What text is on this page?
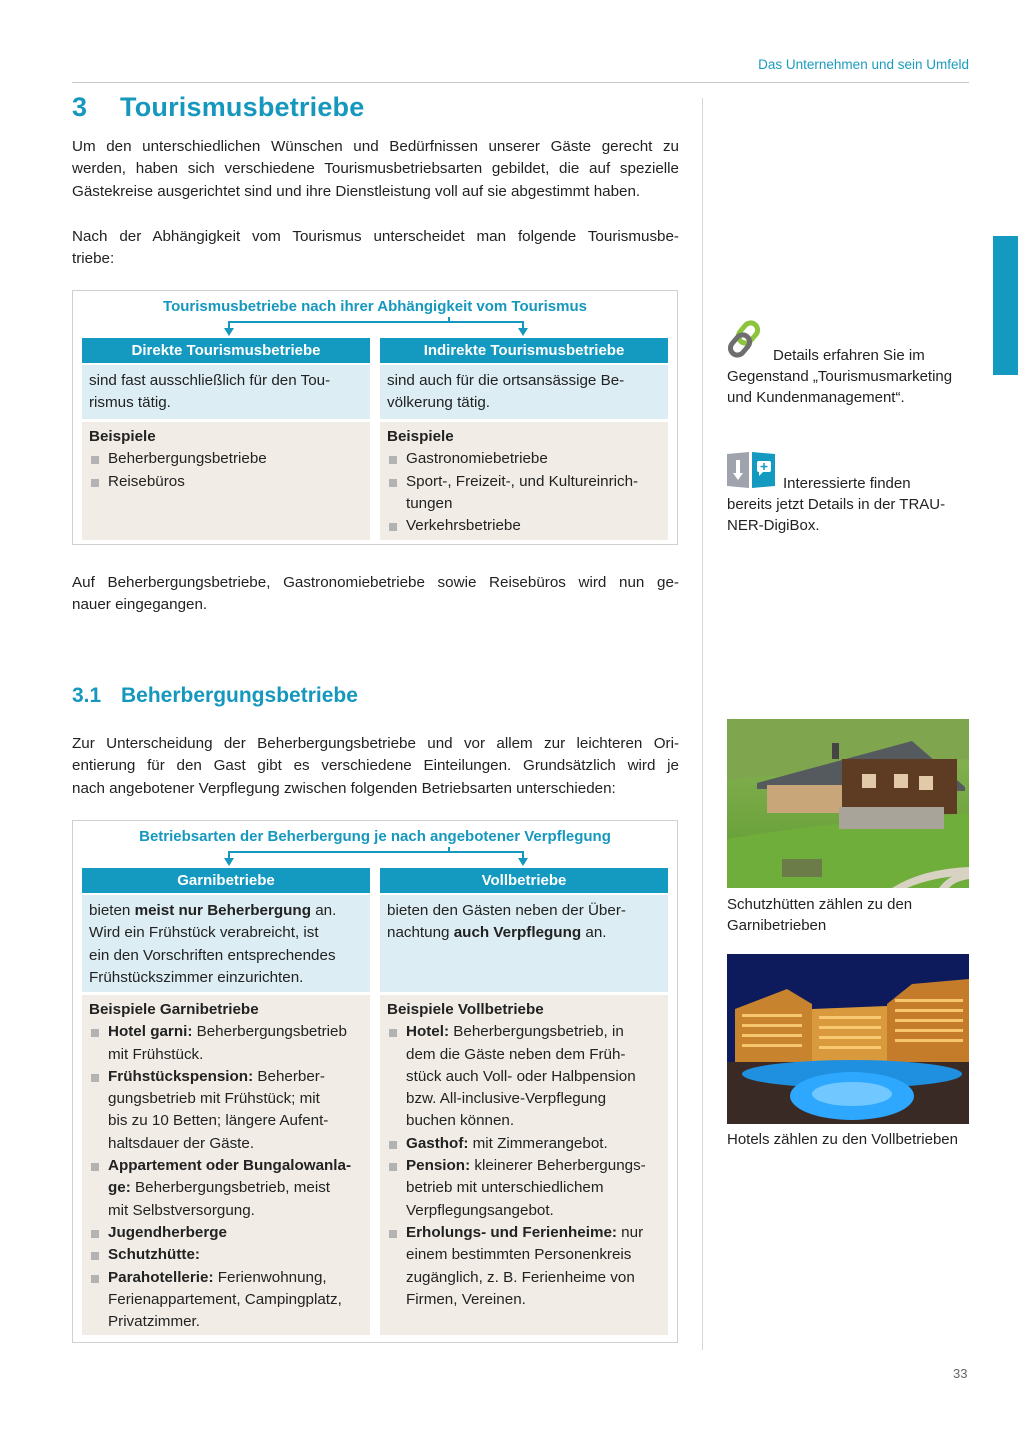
Das Unternehmen und sein Umfeld
3 Tourismusbetriebe
Um den unterschiedlichen Wünschen und Bedürfnissen unserer Gäste gerecht zu
werden, haben sich verschiedene Tourismusbetriebsarten gebildet, die auf spezielle
Gästekreise ausgerichtet sind und ihre Dienstleistung voll auf sie abgestimmt haben.
Nach der Abhängigkeit vom Tourismus unterscheidet man folgende Tourismusbe-
triebe:
Tourismusbetriebe nach ihrer Abhängigkeit vom Tourismus
Direkte Tourismusbetriebe
sind fast ausschließlich für den Tou-
rismus tätig.
Beispiele
Beherbergungsbetriebe
Reisebüros
Indirekte Tourismusbetriebe
sind auch für die ortsansässige Be-
völkerung tätig.
Beispiele
Gastronomiebetriebe
Sport-, Freizeit-, und Kultureinrich-
tungen
Verkehrsbetriebe
Auf Beherbergungsbetriebe, Gastronomiebetriebe sowie Reisebüros wird nun ge-
nauer eingegangen.
3.1 Beherbergungsbetriebe
Zur Unterscheidung der Beherbergungsbetriebe und vor allem zur leichteren Ori-
entierung für den Gast gibt es verschiedene Einteilungen. Grundsätzlich wird je
nach angebotener Verpflegung zwischen folgenden Betriebsarten unterschieden:
Betriebsarten der Beherbergung je nach angebotener Verpflegung
Garnibetriebe
bieten meist nur Beherbergung an.
Wird ein Frühstück verabreicht, ist
ein den Vorschriften entsprechendes
Frühstückszimmer einzurichten.
Beispiele Garnibetriebe
Hotel garni: Beherbergungsbetrieb
mit Frühstück.
Frühstückspension: Beherber-
gungsbetrieb mit Frühstück; mit
bis zu 10 Betten; längere Aufent-
haltsdauer der Gäste.
Appartement oder Bungalowanla-
ge: Beherbergungsbetrieb, meist
mit Selbstversorgung.
Jugendherberge
Schutzhütte:
Parahotellerie: Ferienwohnung,
Ferienappartement, Campingplatz,
Privatzimmer.
Vollbetriebe
bieten den Gästen neben der Über-
nachtung auch Verpflegung an.
Beispiele Vollbetriebe
Hotel: Beherbergungsbetrieb, in
dem die Gäste neben dem Früh-
stück auch Voll- oder Halbpension
bzw. All-inclusive-Verpflegung
buchen können.
Gasthof: mit Zimmerangebot.
Pension: kleinerer Beherbergungs-
betrieb mit unterschiedlichem
Verpflegungsangebot.
Erholungs- und Ferienheime: nur
einem bestimmten Personenkreis
zugänglich, z. B. Ferienheime von
Firmen, Vereinen.
Details erfahren Sie im
Gegenstand „Tourismusmarketing
und Kundenmanagement“.
Interessierte finden
bereits jetzt Details in der TRAU-
NER-DigiBox.
Schutzhütten zählen zu den
Garnibetrieben
Hotels zählen zu den Vollbetrieben
33
